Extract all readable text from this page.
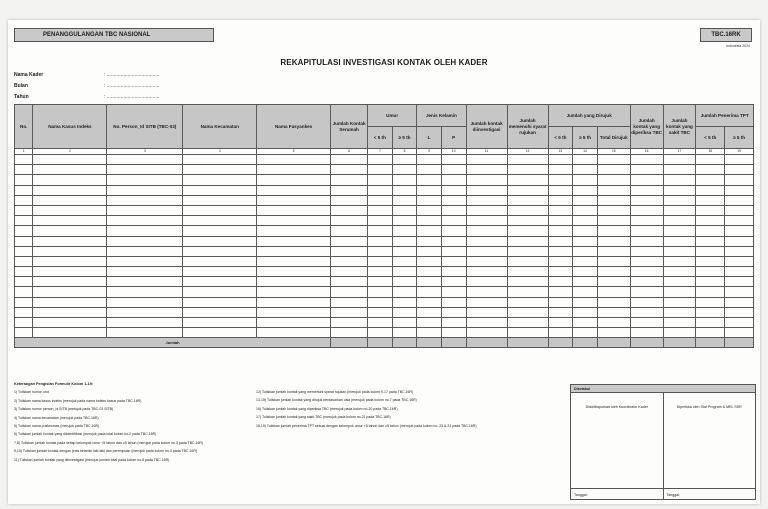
PENANGGULANGAN TBC NASIONAL	TBC.16RK
Indonesia 2024
REKAPITULASI INVESTIGASI KONTAK OLEH KADER
Nama Kader	: ......................................
Bulan	: ......................................
Tahun	: ......................................
No.	Nama Kasus Indeks	No. Person_Id SITB (TBC-03)	Nama Kecamatan	Nama Fasyankes	Jumlah Kontak Serumah	Umur		Jenis Kelamin		Jumlah kontak diinvestigasi	Jumlah memenuhi syarat rujukan	Jumlah yang Dirujuk			Jumlah kontak yang diperiksa TBC	Jumlah kontak yang sakit TBC	Jumlah Penerima TPT	
						< 5 th	≥ 5 th	L	P			< 5 th	≥ 5 th	Total Dirujuk			< 5 th	≥ 5 th
1	2	3	4	5	6	7	8	9	10	11	12	13	14	15	16	17	18	19

Jumlah																		
Keterangan Pengisian Formulir Kolom 1-19:
1) Tuliskan nomor urut
2) Tuliskan nama kasus indeks (merujuk pada nama indeks kasus pada TBC.16R)
3) Tuliskan nomor person_id SITB (merujuk pada TBC-03 SITB)
4) Tuliskan nama kecamatan (merujuk pada TBC.16R)
5) Tuliskan nama puskesmas (merujuk pada TBC.16R)
6) Tuliskan jumlah kontak yang diidentifikasi (merujuk pada total kolom no.2 pada TBC.16R)
7,8) Tuliskan jumlah kontak pada setiap kelompok umur <5 tahun dan ≥5 tahun (merujuk pada kolom no.3 pada TBC.16R)
9,10) Tuliskan jumlah kontak dengan jenis kelamin laki-laki dan perempuan (merujuk pada kolom no.4 pada TBC.16R)
11) Tuliskan jumlah kontak yang diinvestigasi (merujuk jumlah total pada kolom no.8 pada TBC.16R)
12) Tuliskan jumlah kontak yang memenuhi syarat rujukan (merujuk pada kolom 9-17 pada TBC.16R)
13-15) Tuliskan jumlah kontak yang dirujuk berdasarkan usia (merujuk pada kolom no.7 pada TBC.16R)
16) Tuliskan jumlah kontak yang diperiksa TBC (merujuk pada kolom no.20 pada TBC.16R)
17) Tuliskan jumlah kontak yang sakit TBC (merujuk pada kolom no.21 pada TBC.16R)
18,19) Tuliskan jumlah penerima TPT sesuai dengan kelompok umur <5 tahun dan ≥5 tahun (merujuk pada kolom no. 23 & 24 pada TBC.16R)
Diketahui
Diisi/dilaporkan oleh Koordinator Kader
Tanggal:
Diperiksa oleh Staf Program & MEL SSR
Tanggal:
